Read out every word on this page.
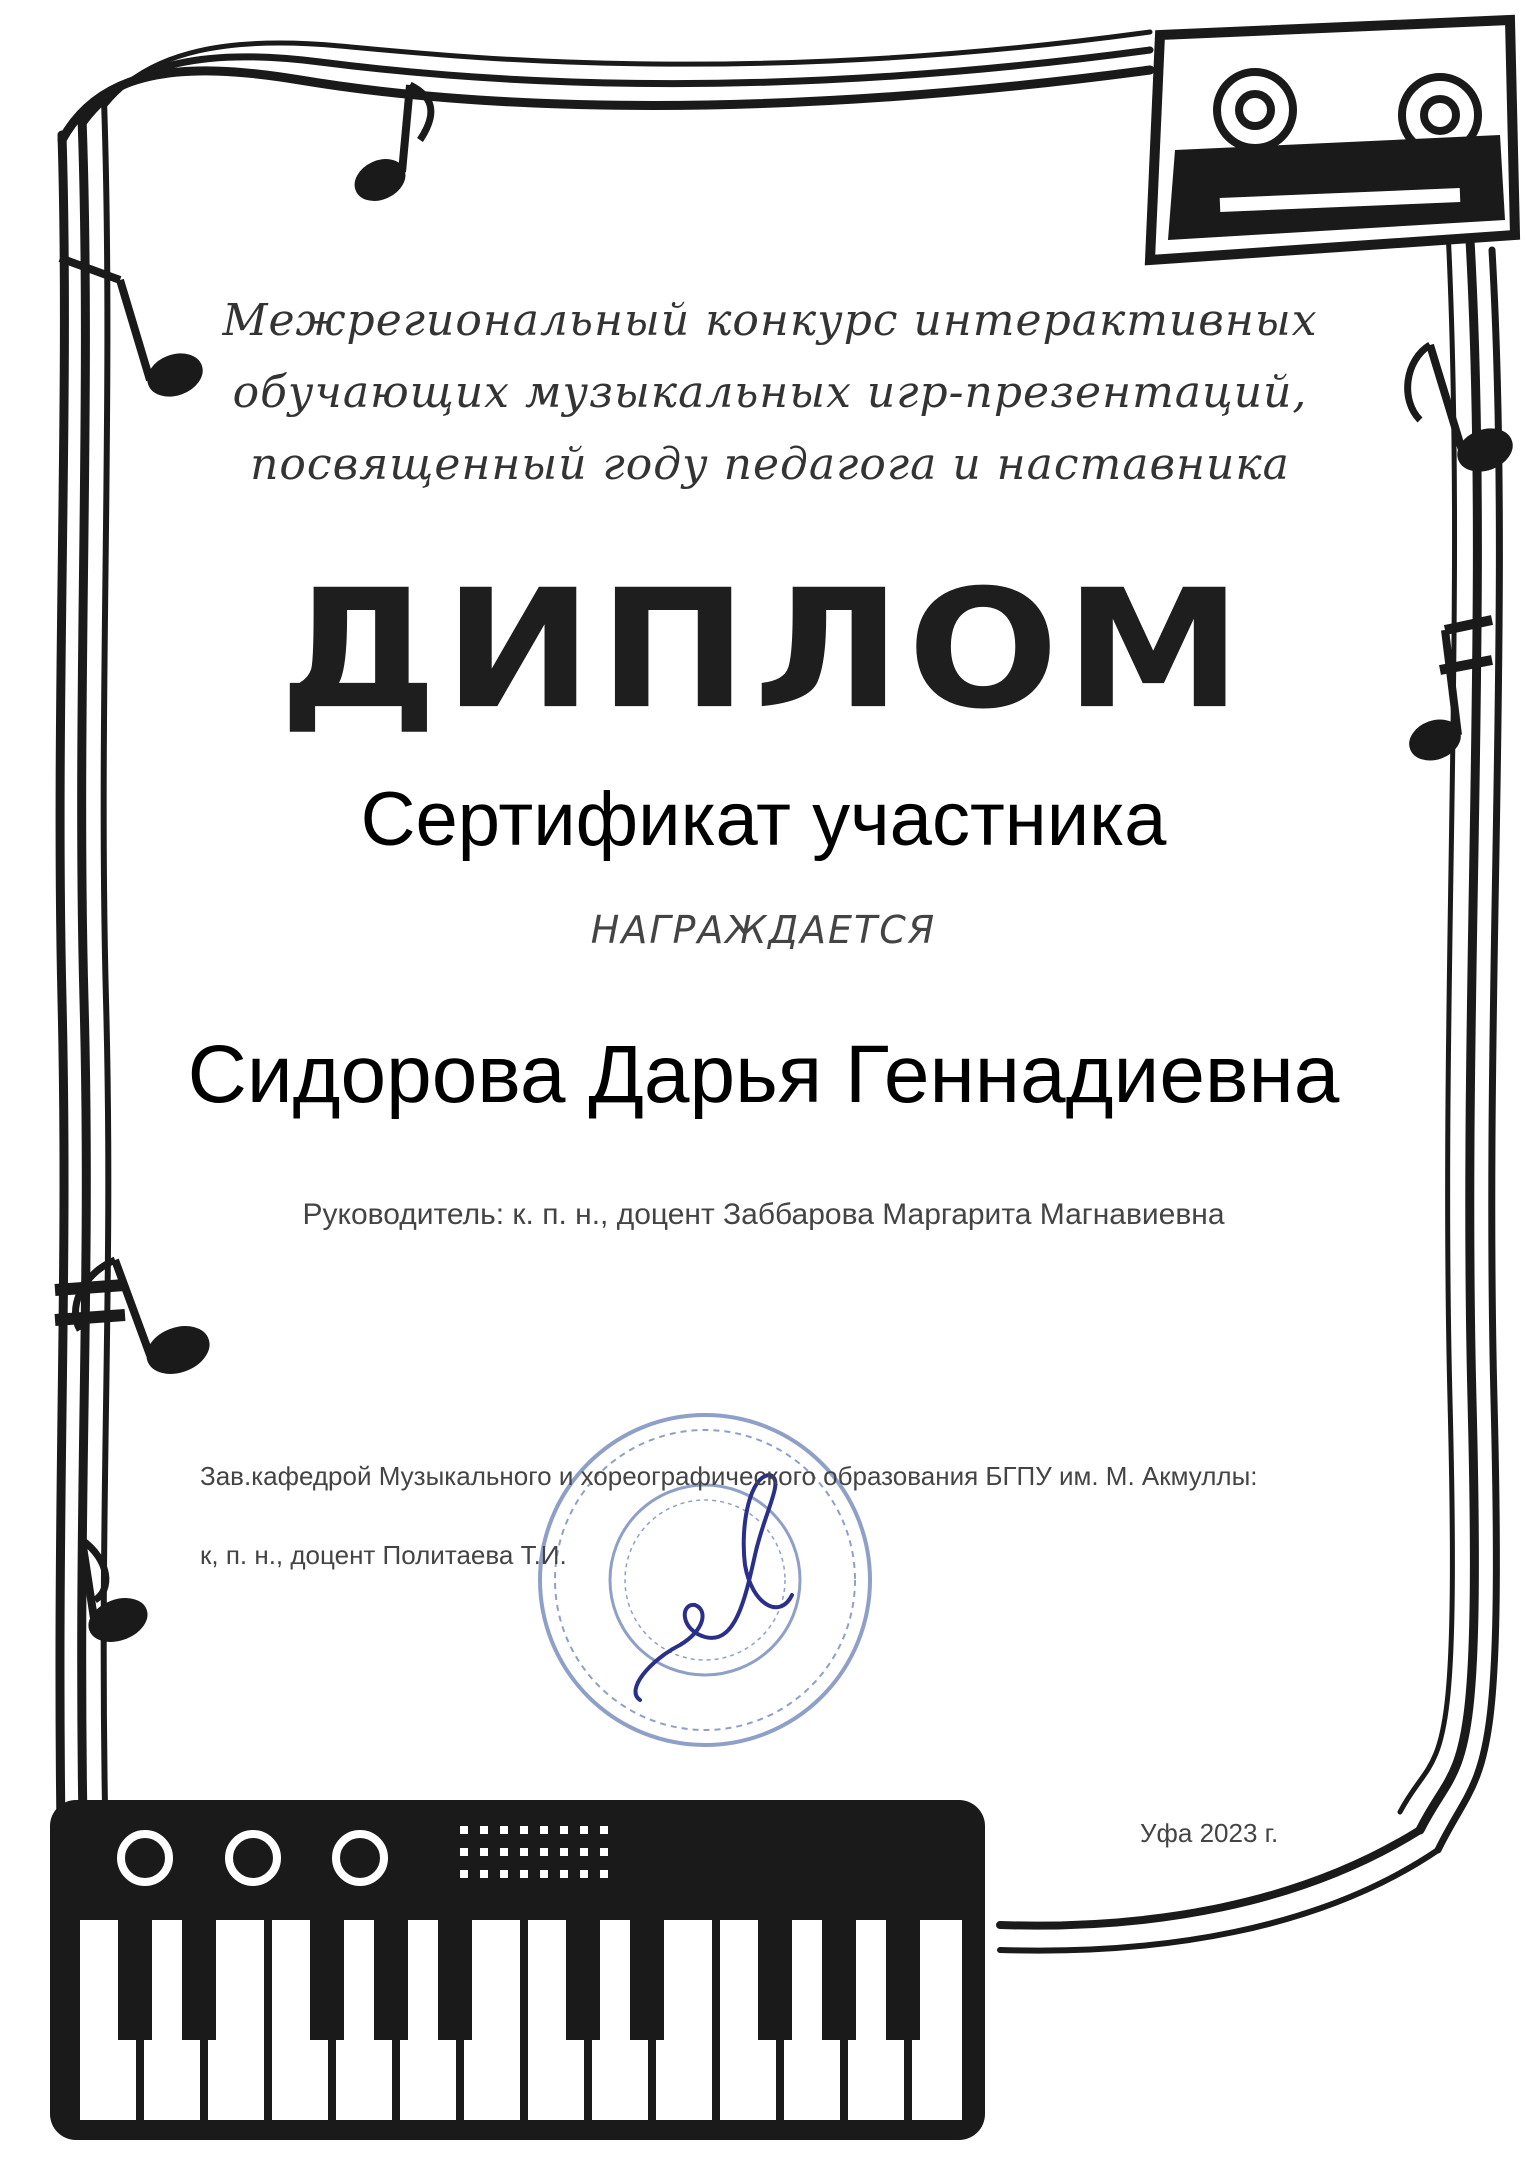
Межрегиональный конкурс интерактивных
обучающих музыкальных игр-презентаций,
посвященный году педагога и наставника
ДИПЛОМ
Сертификат участника
НАГРАЖДАЕТСЯ
Сидорова Дарья Геннадиевна
Руководитель: к. п. н., доцент Заббарова Маргарита Магнавиевна
Зав.кафедрой Музыкального и хореографического образования БГПУ им. М. Акмуллы:
к, п. н., доцент Политаева Т.И.
Уфа 2023 г.
